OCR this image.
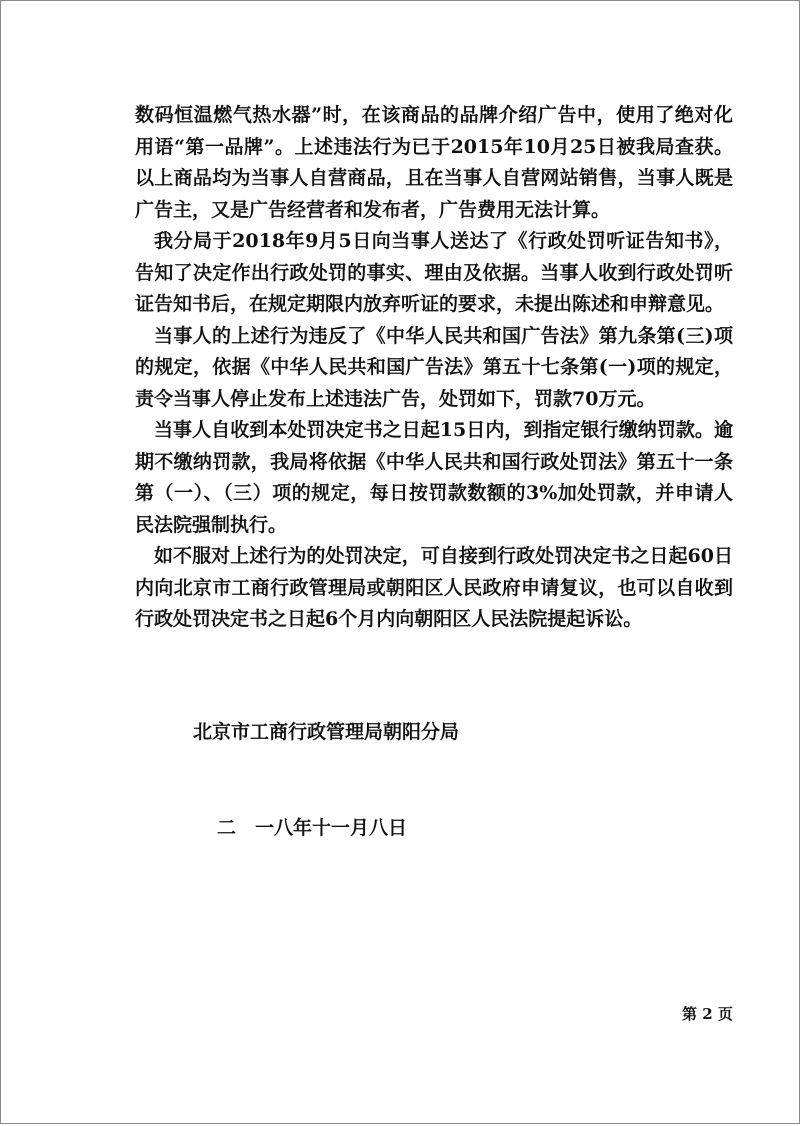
数码恒温燃气热水器”时，在该商品的品牌介绍广告中，使用了绝对化用语“第一品牌”。上述违法行为已于2015年10月25日被我局查获。以上商品均为当事人自营商品，且在当事人自营网站销售，当事人既是广告主，又是广告经营者和发布者，广告费用无法计算。

我分局于2018年9月5日向当事人送达了《行政处罚听证告知书》，告知了决定作出行政处罚的事实、理由及依据。当事人收到行政处罚听证告知书后，在规定期限内放弃听证的要求，未提出陈述和申辩意见。

当事人的上述行为违反了《中华人民共和国广告法》第九条第(三)项的规定，依据《中华人民共和国广告法》第五十七条第(一)项的规定，责令当事人停止发布上述违法广告，处罚如下，罚款70万元。

当事人自收到本处罚决定书之日起15日内，到指定银行缴纳罚款。逾期不缴纳罚款，我局将依据《中华人民共和国行政处罚法》第五十一条第（一）、（三）项的规定，每日按罚款数额的3%加处罚款，并申请人民法院强制执行。

如不服对上述行为的处罚决定，可自接到行政处罚决定书之日起60日内向北京市工商行政管理局或朝阳区人民政府申请复议，也可以自收到行政处罚决定书之日起6个月内向朝阳区人民法院提起诉讼。

北京市工商行政管理局朝阳分局
二　一八年十一月八日
第 2 页
